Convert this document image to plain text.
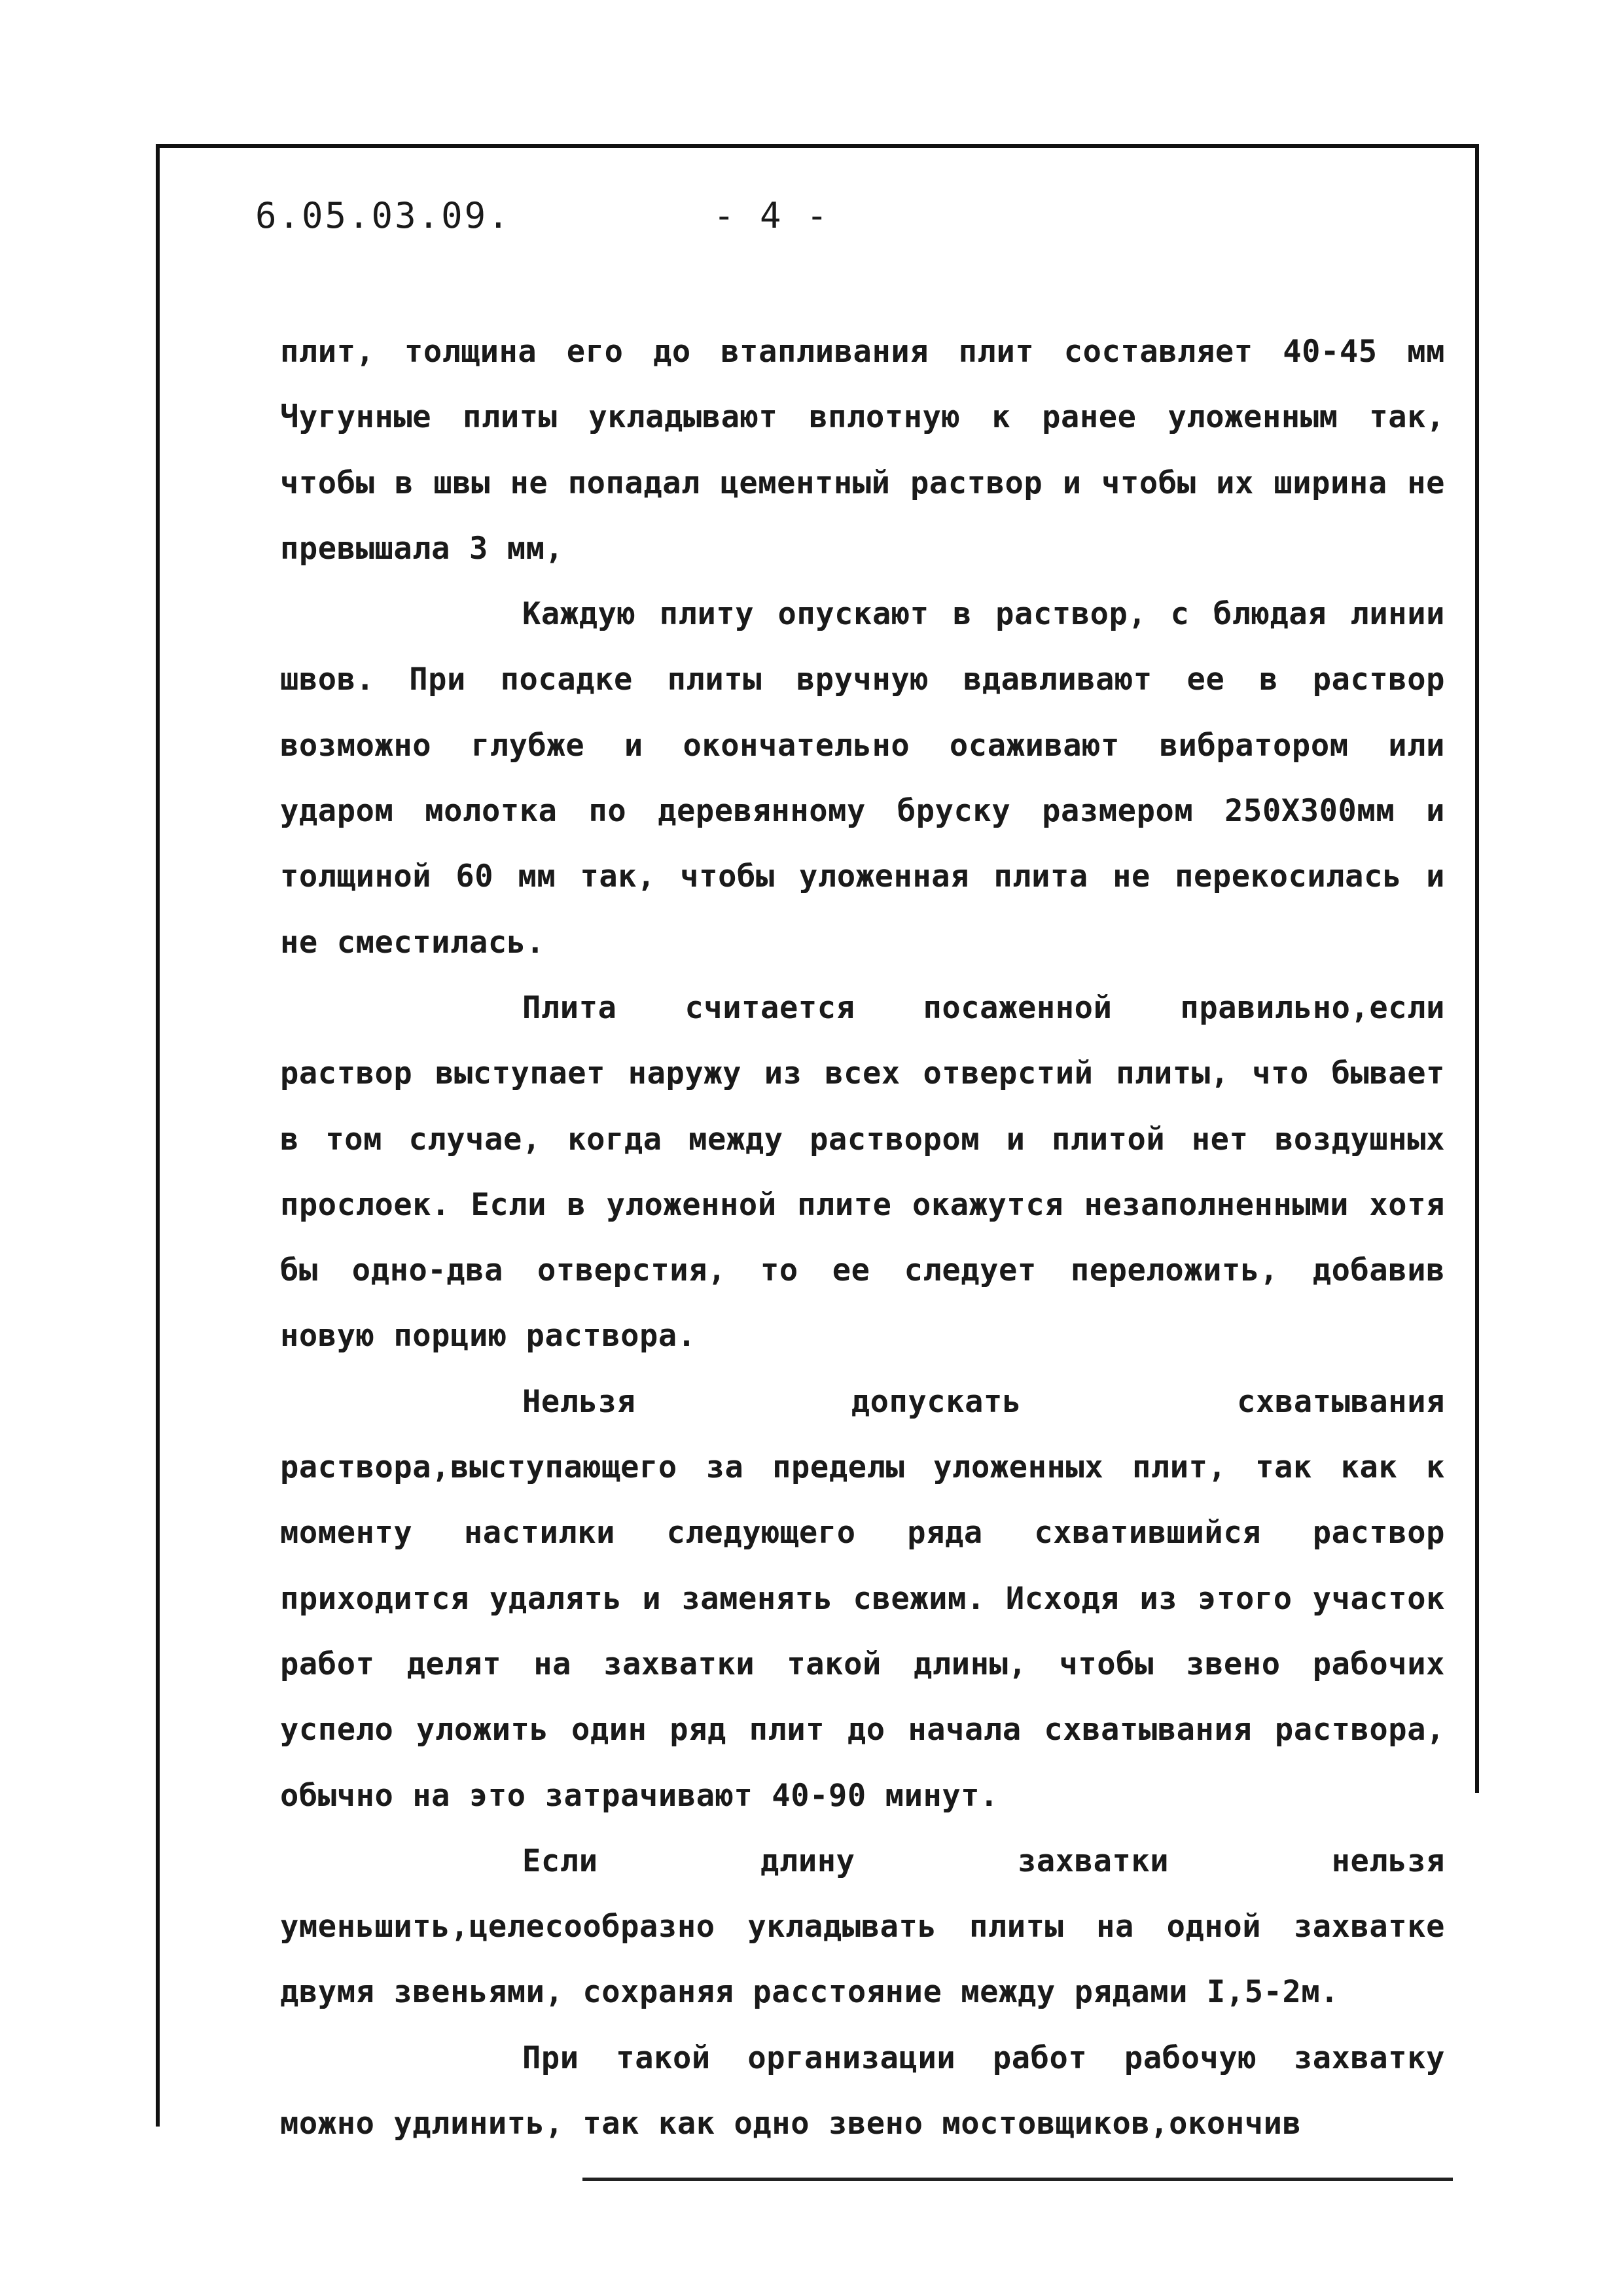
6.05.03.09.	- 4 -

плит, толщина его до втапливания плит составляет 40-45 мм Чугунные плиты укладывают вплотную к ранее уложенным так, чтобы в швы не попадал цементный раствор и чтобы их ширина не превышала 3 мм,

Каждую плиту опускают в раствор, с блюдая линии швов. При посадке плиты вручную вдавливают ее в раствор возможно глубже и окончательно осаживают вибратором или ударом молотка по деревянному бруску размером 250Х300мм и толщиной 60 мм так, чтобы уложенная плита не перекосилась и не сместилась.

Плита считается посаженной правильно,если раствор выступает наружу из всех отверстий плиты, что бывает в том случае, когда между раствором и плитой нет воздушных прослоек. Если в уложенной плите окажутся незаполненными хотя бы одно-два отверстия, то ее следует переложить, добавив новую порцию раствора.

Нельзя допускать схватывания раствора,выступающего за пределы уложенных плит, так как к моменту настилки следующего ряда схватившийся раствор приходится удалять и заменять свежим. Исходя из этого участок работ делят на захватки такой длины, чтобы звено рабочих успело уложить один ряд плит до начала схватывания раствора, обычно на это затрачивают 40-90 минут.

Если длину захватки нельзя уменьшить,целесообразно укладывать плиты на одной захватке двумя звеньями, сохраняя расстояние между рядами I,5-2м.

При такой организации работ рабочую захватку можно удлинить, так как одно звено мостовщиков,окончив
